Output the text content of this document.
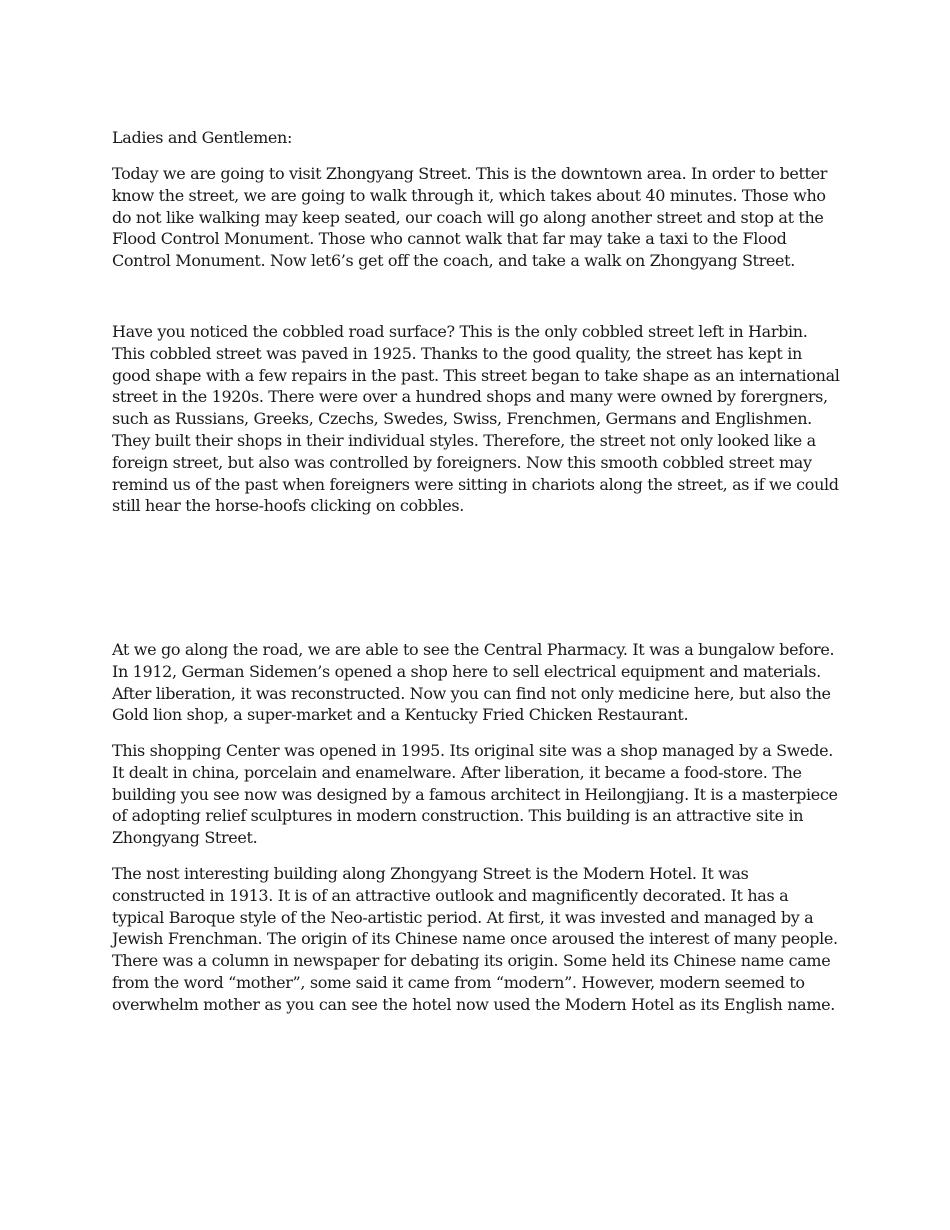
Ladies and Gentlemen:

Today we are going to visit Zhongyang Street. This is the downtown area. In order to better know the street, we are going to walk through it, which takes about 40 minutes. Those who do not like walking may keep seated, our coach will go along another street and stop at the Flood Control Monument. Those who cannot walk that far may take a taxi to the Flood Control Monument. Now let6’s get off the coach, and take a walk on Zhongyang Street.

Have you noticed the cobbled road surface? This is the only cobbled street left in Harbin. This cobbled street was paved in 1925. Thanks to the good quality, the street has kept in good shape with a few repairs in the past. This street began to take shape as an international street in the 1920s. There were over a hundred shops and many were owned by forergners, such as Russians, Greeks, Czechs, Swedes, Swiss, Frenchmen, Germans and Englishmen. They built their shops in their individual styles. Therefore, the street not only looked like a foreign street, but also was controlled by foreigners. Now this smooth cobbled street may remind us of the past when foreigners were sitting in chariots along the street, as if we could still hear the horse-hoofs clicking on cobbles.

At we go along the road, we are able to see the Central Pharmacy. It was a bungalow before. In 1912, German Sidemen’s opened a shop here to sell electrical equipment and materials. After liberation, it was reconstructed. Now you can find not only medicine here, but also the Gold lion shop, a super-market and a Kentucky Fried Chicken Restaurant.

This shopping Center was opened in 1995. Its original site was a shop managed by a Swede. It dealt in china, porcelain and enamelware. After liberation, it became a food-store. The building you see now was designed by a famous architect in Heilongjiang. It is a masterpiece of adopting relief sculptures in modern construction. This building is an attractive site in Zhongyang Street.

The nost interesting building along Zhongyang Street is the Modern Hotel. It was constructed in 1913. It is of an attractive outlook and magnificently decorated. It has a typical Baroque style of the Neo-artistic period. At first, it was invested and managed by a Jewish Frenchman. The origin of its Chinese name once aroused the interest of many people. There was a column in newspaper for debating its origin. Some held its Chinese name came from the word “mother”, some said it came from “modern”. However, modern seemed to overwhelm mother as you can see the hotel now used the Modern Hotel as its English name.
